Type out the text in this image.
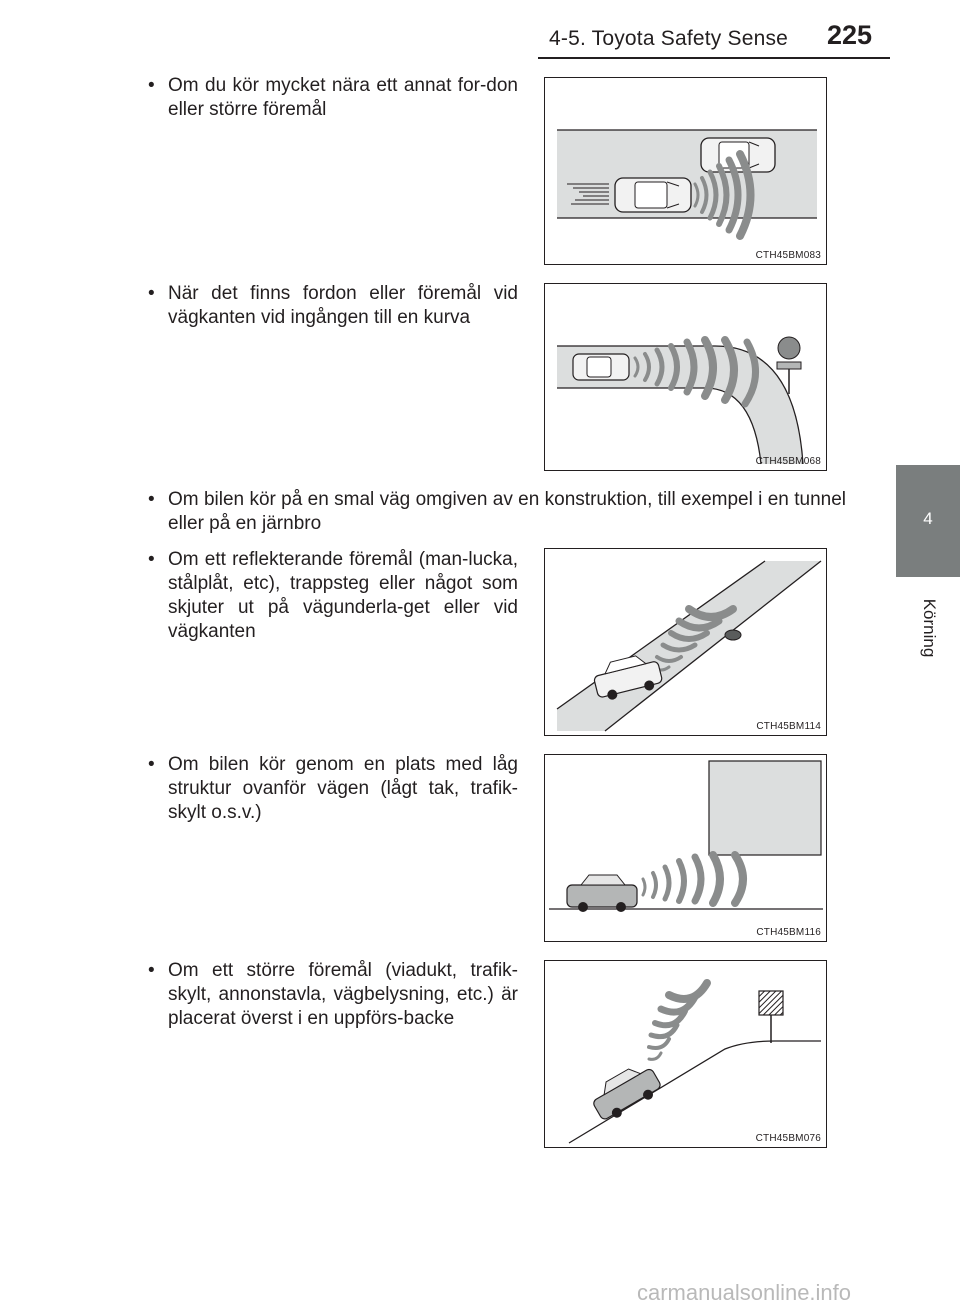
4-5. Toyota Safety Sense 225
4
Körning
• Om du kör mycket nära ett annat for-don eller större föremål
• När det finns fordon eller föremål vid vägkanten vid ingången till en kurva
• Om bilen kör på en smal väg omgiven av en konstruktion, till exempel i en tunnel eller på en järnbro
• Om ett reflekterande föremål (man-lucka, stålplåt, etc), trappsteg eller något som skjuter ut på vägunderla-get eller vid vägkanten
• Om bilen kör genom en plats med låg struktur ovanför vägen (lågt tak, trafik-skylt o.s.v.)
• Om ett större föremål (viadukt, trafik-skylt, annonstavla, vägbelysning, etc.) är placerat överst i en uppförs-backe
CTH45BM083
CTH45BM068
CTH45BM114
CTH45BM116
CTH45BM076
carmanualsonline.info
